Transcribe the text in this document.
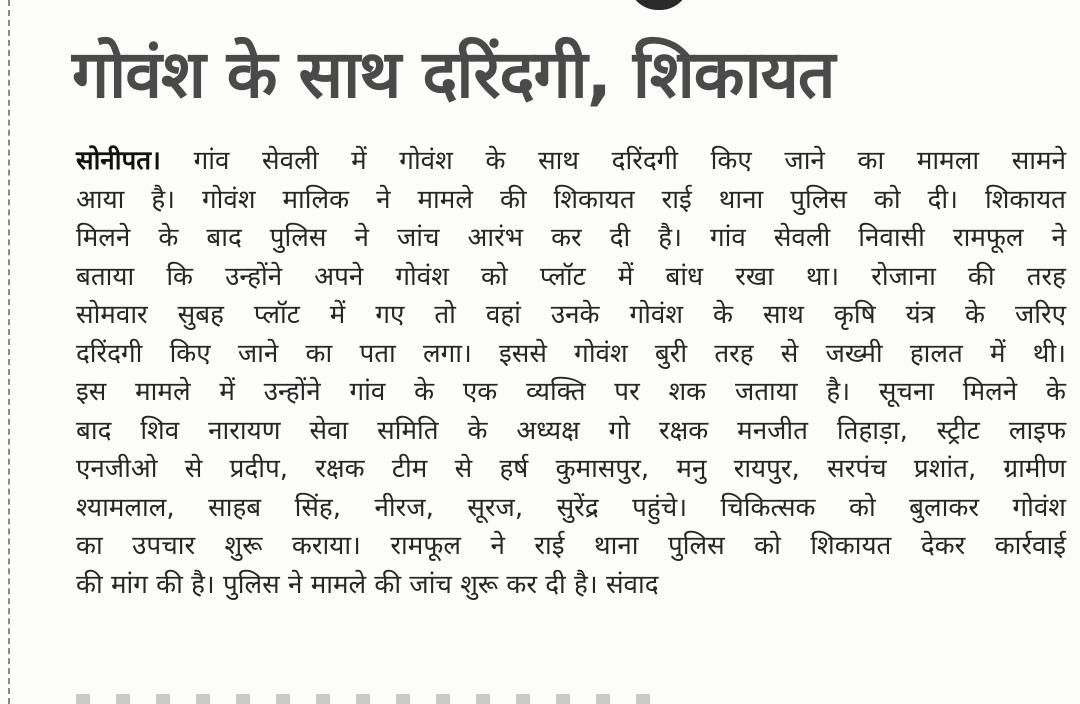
गोवंश के साथ दरिंदगी, शिकायत
सोनीपत। गांव सेवली में गोवंश के साथ दरिंदगी किए जाने का मामला सामने
आया है। गोवंश मालिक ने मामले की शिकायत राई थाना पुलिस को दी। शिकायत
मिलने के बाद पुलिस ने जांच आरंभ कर दी है। गांव सेवली निवासी रामफूल ने
बताया कि उन्होंने अपने गोवंश को प्लॉट में बांध रखा था। रोजाना की तरह
सोमवार सुबह प्लॉट में गए तो वहां उनके गोवंश के साथ कृषि यंत्र के जरिए
दरिंदगी किए जाने का पता लगा। इससे गोवंश बुरी तरह से जख्मी हालत में थी।
इस मामले में उन्होंने गांव के एक व्यक्ति पर शक जताया है। सूचना मिलने के
बाद शिव नारायण सेवा समिति के अध्यक्ष गो रक्षक मनजीत तिहाड़ा, स्ट्रीट लाइफ
एनजीओ से प्रदीप, रक्षक टीम से हर्ष कुमासपुर, मनु रायपुर, सरपंच प्रशांत, ग्रामीण
श्यामलाल, साहब सिंह, नीरज, सूरज, सुरेंद्र पहुंचे। चिकित्सक को बुलाकर गोवंश
का उपचार शुरू कराया। रामफूल ने राई थाना पुलिस को शिकायत देकर कार्रवाई
की मांग की है। पुलिस ने मामले की जांच शुरू कर दी है। संवाद
